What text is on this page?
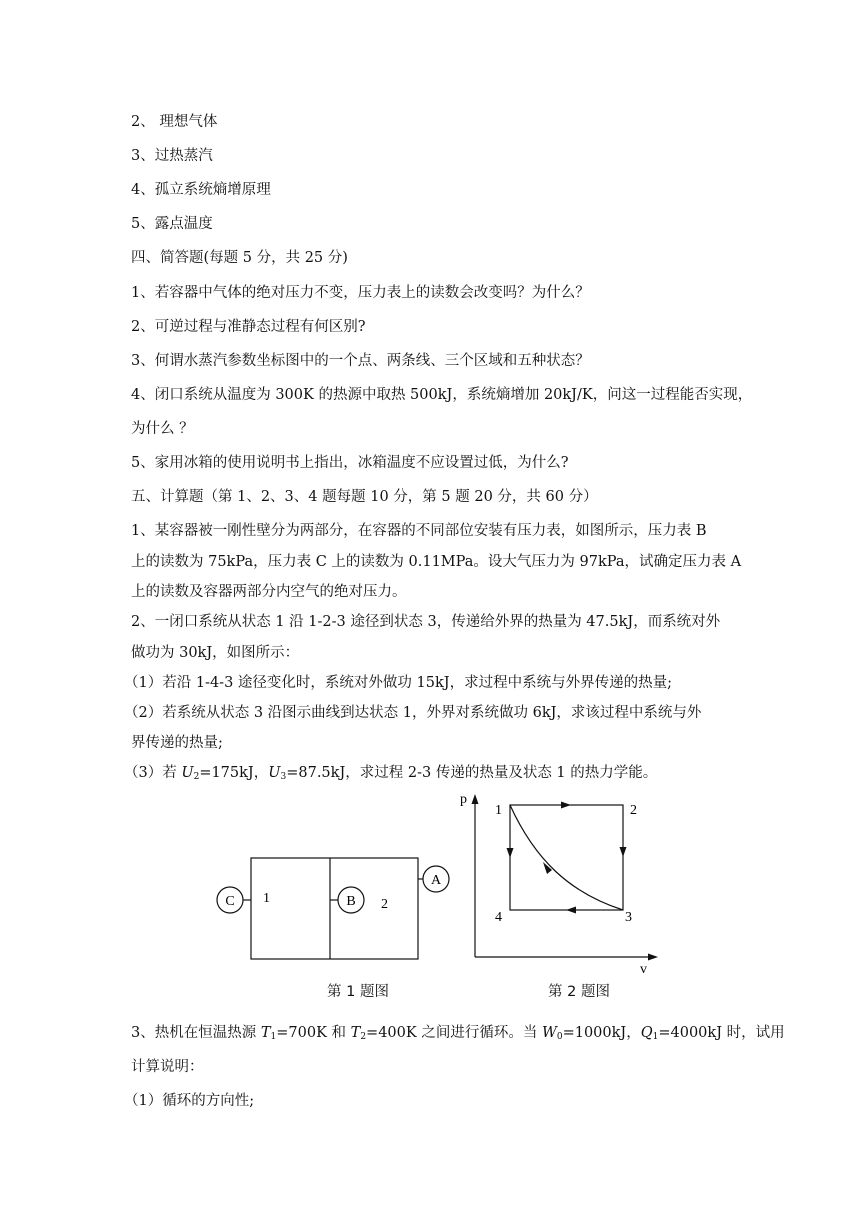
2、 理想气体
3、过热蒸汽
4、孤立系统熵增原理
5、露点温度
四、简答题(每题 5 分，共 25 分)
1、若容器中气体的绝对压力不变，压力表上的读数会改变吗？为什么？
2、可逆过程与准静态过程有何区别?
3、何谓水蒸汽参数坐标图中的一个点、两条线、三个区域和五种状态？
4、闭口系统从温度为 300K 的热源中取热 500kJ，系统熵增加 20kJ/K，问这一过程能否实现，
为什么 ？
5、家用冰箱的使用说明书上指出，冰箱温度不应设置过低，为什么?
五、计算题（第 1、2、3、4 题每题 10 分，第 5 题 20 分，共 60 分）
1、某容器被一刚性壁分为两部分，在容器的不同部位安装有压力表，如图所示，压力表 B
上的读数为 75kPa，压力表 C 上的读数为 0.11MPa。设大气压力为 97kPa，试确定压力表 A
上的读数及容器两部分内空气的绝对压力。
2、一闭口系统从状态 1 沿 1-2-3 途径到状态 3，传递给外界的热量为 47.5kJ，而系统对外
做功为 30kJ，如图所示：
（1）若沿 1-4-3 途径变化时，系统对外做功 15kJ，求过程中系统与外界传递的热量;
（2）若系统从状态 3 沿图示曲线到达状态 1，外界对系统做功 6kJ，求该过程中系统与外
界传递的热量;
（3）若 $U_2=175kJ$，$U_3=87.5kJ$，求过程 2-3 传递的热量及状态 1 的热力学能。
C	B
A
1	2
第 1 题图
p
v
1	2
3
4
第 2 题图
3、热机在恒温热源 $T_1=700K$ 和 $T_2=400K$ 之间进行循环。当 $W_0=1000kJ$，$Q_1=4000kJ$ 时，试用
计算说明：
（1）循环的方向性;
